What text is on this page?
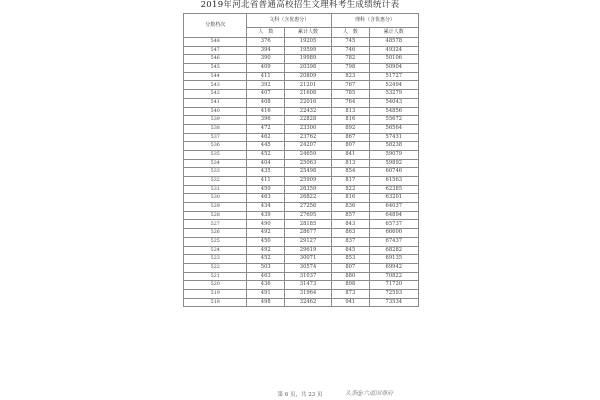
2019年河北省普通高校招生文理科考生成绩统计表
分数档次	文科（含优惠分）		理科（含优惠分）	
	人　数	累计人数	人　数	累计人数
548	376	19205	745	48578
547	394	19599	746	49324
546	390	19989	782	50106
545	409	20398	798	50904
544	411	20809	823	51727
543	392	21201	767	52494
542	407	21608	785	53279
541	408	22016	764	54043
540	416	22432	813	54856
539	396	22828	816	55672
538	472	23300	892	56564
537	462	23762	867	57431
536	445	24207	807	58238
535	452	24659	841	59079
534	404	25063	813	59892
533	435	25498	854	60746
532	411	25909	817	61563
531	450	26359	822	62385
530	463	26822	816	63201
529	434	27256	836	64037
528	439	27695	857	64894
527	490	28185	843	65737
526	492	28677	863	66600
525	450	29127	837	67437
524	492	29619	845	68282
523	452	30071	853	69135
522	503	30574	807	69942
521	463	31037	880	70822
520	436	31473	898	71720
519	491	31964	873	72593
518	498	32462	941	73534
第 6 页，共 23 页	头条@六道国尊府
